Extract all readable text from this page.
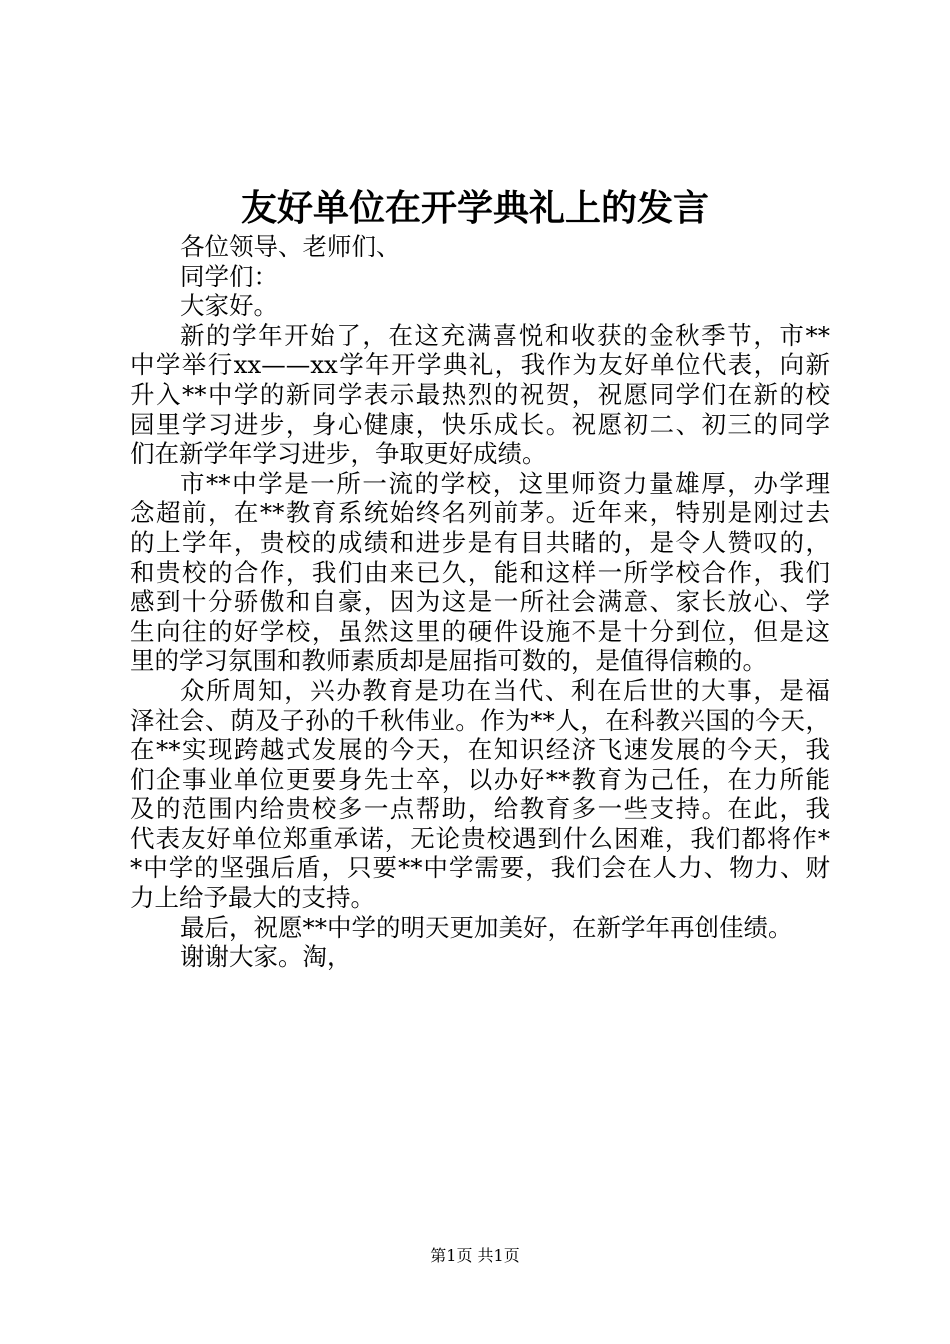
友好单位在开学典礼上的发言
各位领导、老师们、
同学们：
大家好。
新的学年开始了，在这充满喜悦和收获的金秋季节，市**
中学举行xx——xx学年开学典礼，我作为友好单位代表，向新
升入**中学的新同学表示最热烈的祝贺，祝愿同学们在新的校
园里学习进步，身心健康，快乐成长。祝愿初二、初三的同学
们在新学年学习进步，争取更好成绩。
市**中学是一所一流的学校，这里师资力量雄厚，办学理
念超前，在**教育系统始终名列前茅。近年来，特别是刚过去
的上学年，贵校的成绩和进步是有目共睹的，是令人赞叹的，
和贵校的合作，我们由来已久，能和这样一所学校合作，我们
感到十分骄傲和自豪，因为这是一所社会满意、家长放心、学
生向往的好学校，虽然这里的硬件设施不是十分到位，但是这
里的学习氛围和教师素质却是屈指可数的，是值得信赖的。
众所周知，兴办教育是功在当代、利在后世的大事，是福
泽社会、荫及子孙的千秋伟业。作为**人，在科教兴国的今天，
在**实现跨越式发展的今天，在知识经济飞速发展的今天，我
们企事业单位更要身先士卒，以办好**教育为己任，在力所能
及的范围内给贵校多一点帮助，给教育多一些支持。在此，我
代表友好单位郑重承诺，无论贵校遇到什么困难，我们都将作*
*中学的坚强后盾，只要**中学需要，我们会在人力、物力、财
力上给予最大的支持。
最后，祝愿**中学的明天更加美好，在新学年再创佳绩。
谢谢大家。淘，
第1页 共1页
